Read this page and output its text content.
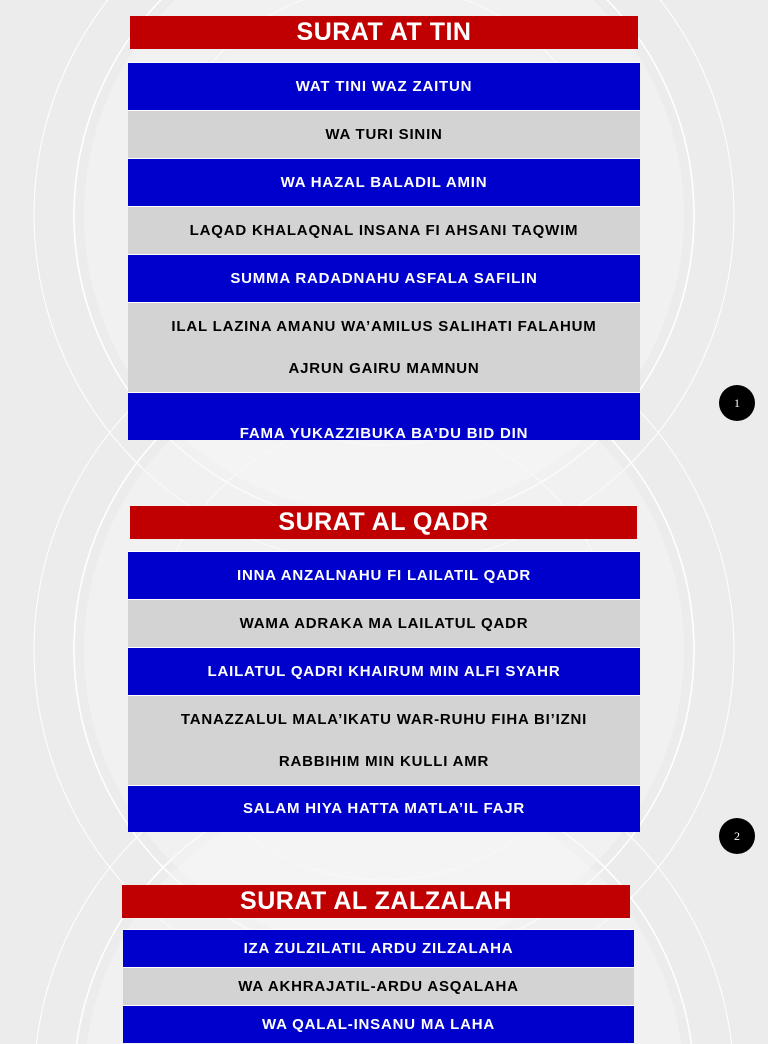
SURAT AT TIN
WAT TINI WAZ ZAITUN
WA TURI SININ
WA HAZAL BALADIL AMIN
LAQAD KHALAQNAL INSANA FI AHSANI TAQWIM
SUMMA RADADNAHU ASFALA SAFILIN
ILAL LAZINA AMANU WA’AMILUS SALIHATI FALAHUM
AJRUN GAIRU MAMNUN
FAMA YUKAZZIBUKA BA’DU BID DIN
1
SURAT AL QADR
INNA ANZALNAHU FI LAILATIL QADR
WAMA ADRAKA MA LAILATUL QADR
LAILATUL QADRI KHAIRUM MIN ALFI SYAHR
TANAZZALUL MALA’IKATU WAR-RUHU FIHA BI’IZNI
RABBIHIM MIN KULLI AMR
SALAM HIYA HATTA MATLA’IL FAJR
2
SURAT AL ZALZALAH
IZA ZULZILATIL ARDU ZILZALAHA
WA AKHRAJATIL-ARDU ASQALAHA
WA QALAL-INSANU MA LAHA
